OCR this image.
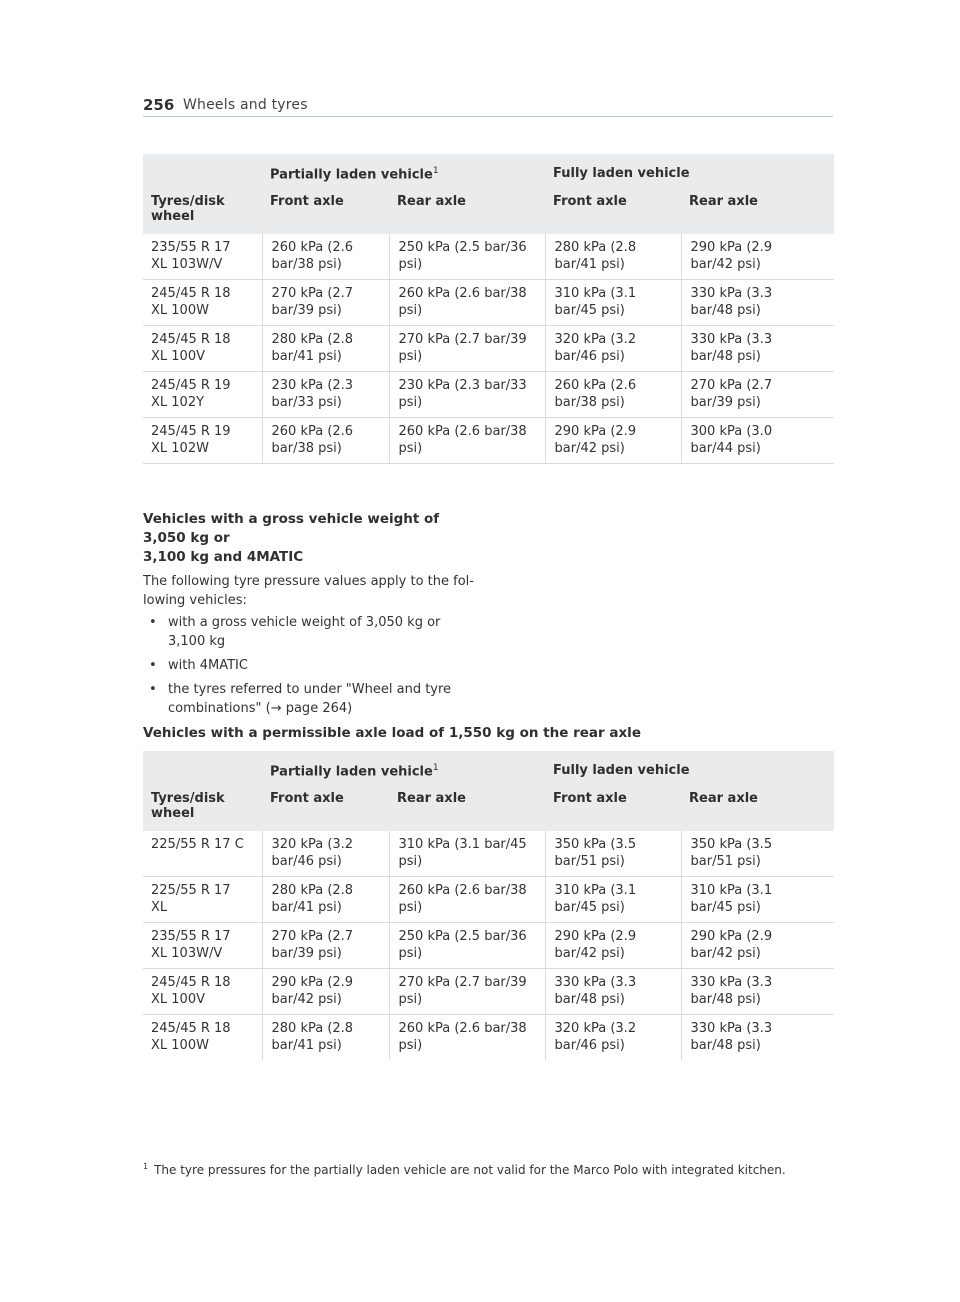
256 Wheels and tyres
	Partially laden vehicle$^1$		Fully laden vehicle	

Tyres/disk
wheel	Front axle	Rear axle	Front axle	Rear axle

235/55 R 17
XL 103W/V	260 kPa (2.6
bar/38 psi)	250 kPa (2.5 bar/36
psi)	280 kPa (2.8
bar/41 psi)	290 kPa (2.9
bar/42 psi)

245/45 R 18
XL 100W	270 kPa (2.7
bar/39 psi)	260 kPa (2.6 bar/38
psi)	310 kPa (3.1
bar/45 psi)	330 kPa (3.3
bar/48 psi)

245/45 R 18
XL 100V	280 kPa (2.8
bar/41 psi)	270 kPa (2.7 bar/39
psi)	320 kPa (3.2
bar/46 psi)	330 kPa (3.3
bar/48 psi)

245/45 R 19
XL 102Y	230 kPa (2.3
bar/33 psi)	230 kPa (2.3 bar/33
psi)	260 kPa (2.6
bar/38 psi)	270 kPa (2.7
bar/39 psi)

245/45 R 19
XL 102W	260 kPa (2.6
bar/38 psi)	260 kPa (2.6 bar/38
psi)	290 kPa (2.9
bar/42 psi)	300 kPa (3.0
bar/44 psi)

Vehicles with a gross vehicle weight of 3,050 kg or
3,100 kg and 4MATIC

The following tyre pressure values apply to the fol-
lowing vehicles:

• with a gross vehicle weight of 3,050 kg or
3,100 kg
• with 4MATIC
• the tyres referred to under "Wheel and tyre
combinations" (→ page 264)

Vehicles with a permissible axle load of 1,550 kg on the rear axle

	Partially laden vehicle$^1$		Fully laden vehicle	

Tyres/disk
wheel	Front axle	Rear axle	Front axle	Rear axle

225/55 R 17 C	320 kPa (3.2
bar/46 psi)	310 kPa (3.1 bar/45
psi)	350 kPa (3.5
bar/51 psi)	350 kPa (3.5
bar/51 psi)

225/55 R 17
XL	280 kPa (2.8
bar/41 psi)	260 kPa (2.6 bar/38
psi)	310 kPa (3.1
bar/45 psi)	310 kPa (3.1
bar/45 psi)

235/55 R 17
XL 103W/V	270 kPa (2.7
bar/39 psi)	250 kPa (2.5 bar/36
psi)	290 kPa (2.9
bar/42 psi)	290 kPa (2.9
bar/42 psi)

245/45 R 18
XL 100V	290 kPa (2.9
bar/42 psi)	270 kPa (2.7 bar/39
psi)	330 kPa (3.3
bar/48 psi)	330 kPa (3.3
bar/48 psi)

245/45 R 18
XL 100W	280 kPa (2.8
bar/41 psi)	260 kPa (2.6 bar/38
psi)	320 kPa (3.2
bar/46 psi)	330 kPa (3.3
bar/48 psi)
$^1$ The tyre pressures for the partially laden vehicle are not valid for the Marco Polo with integrated kitchen.
